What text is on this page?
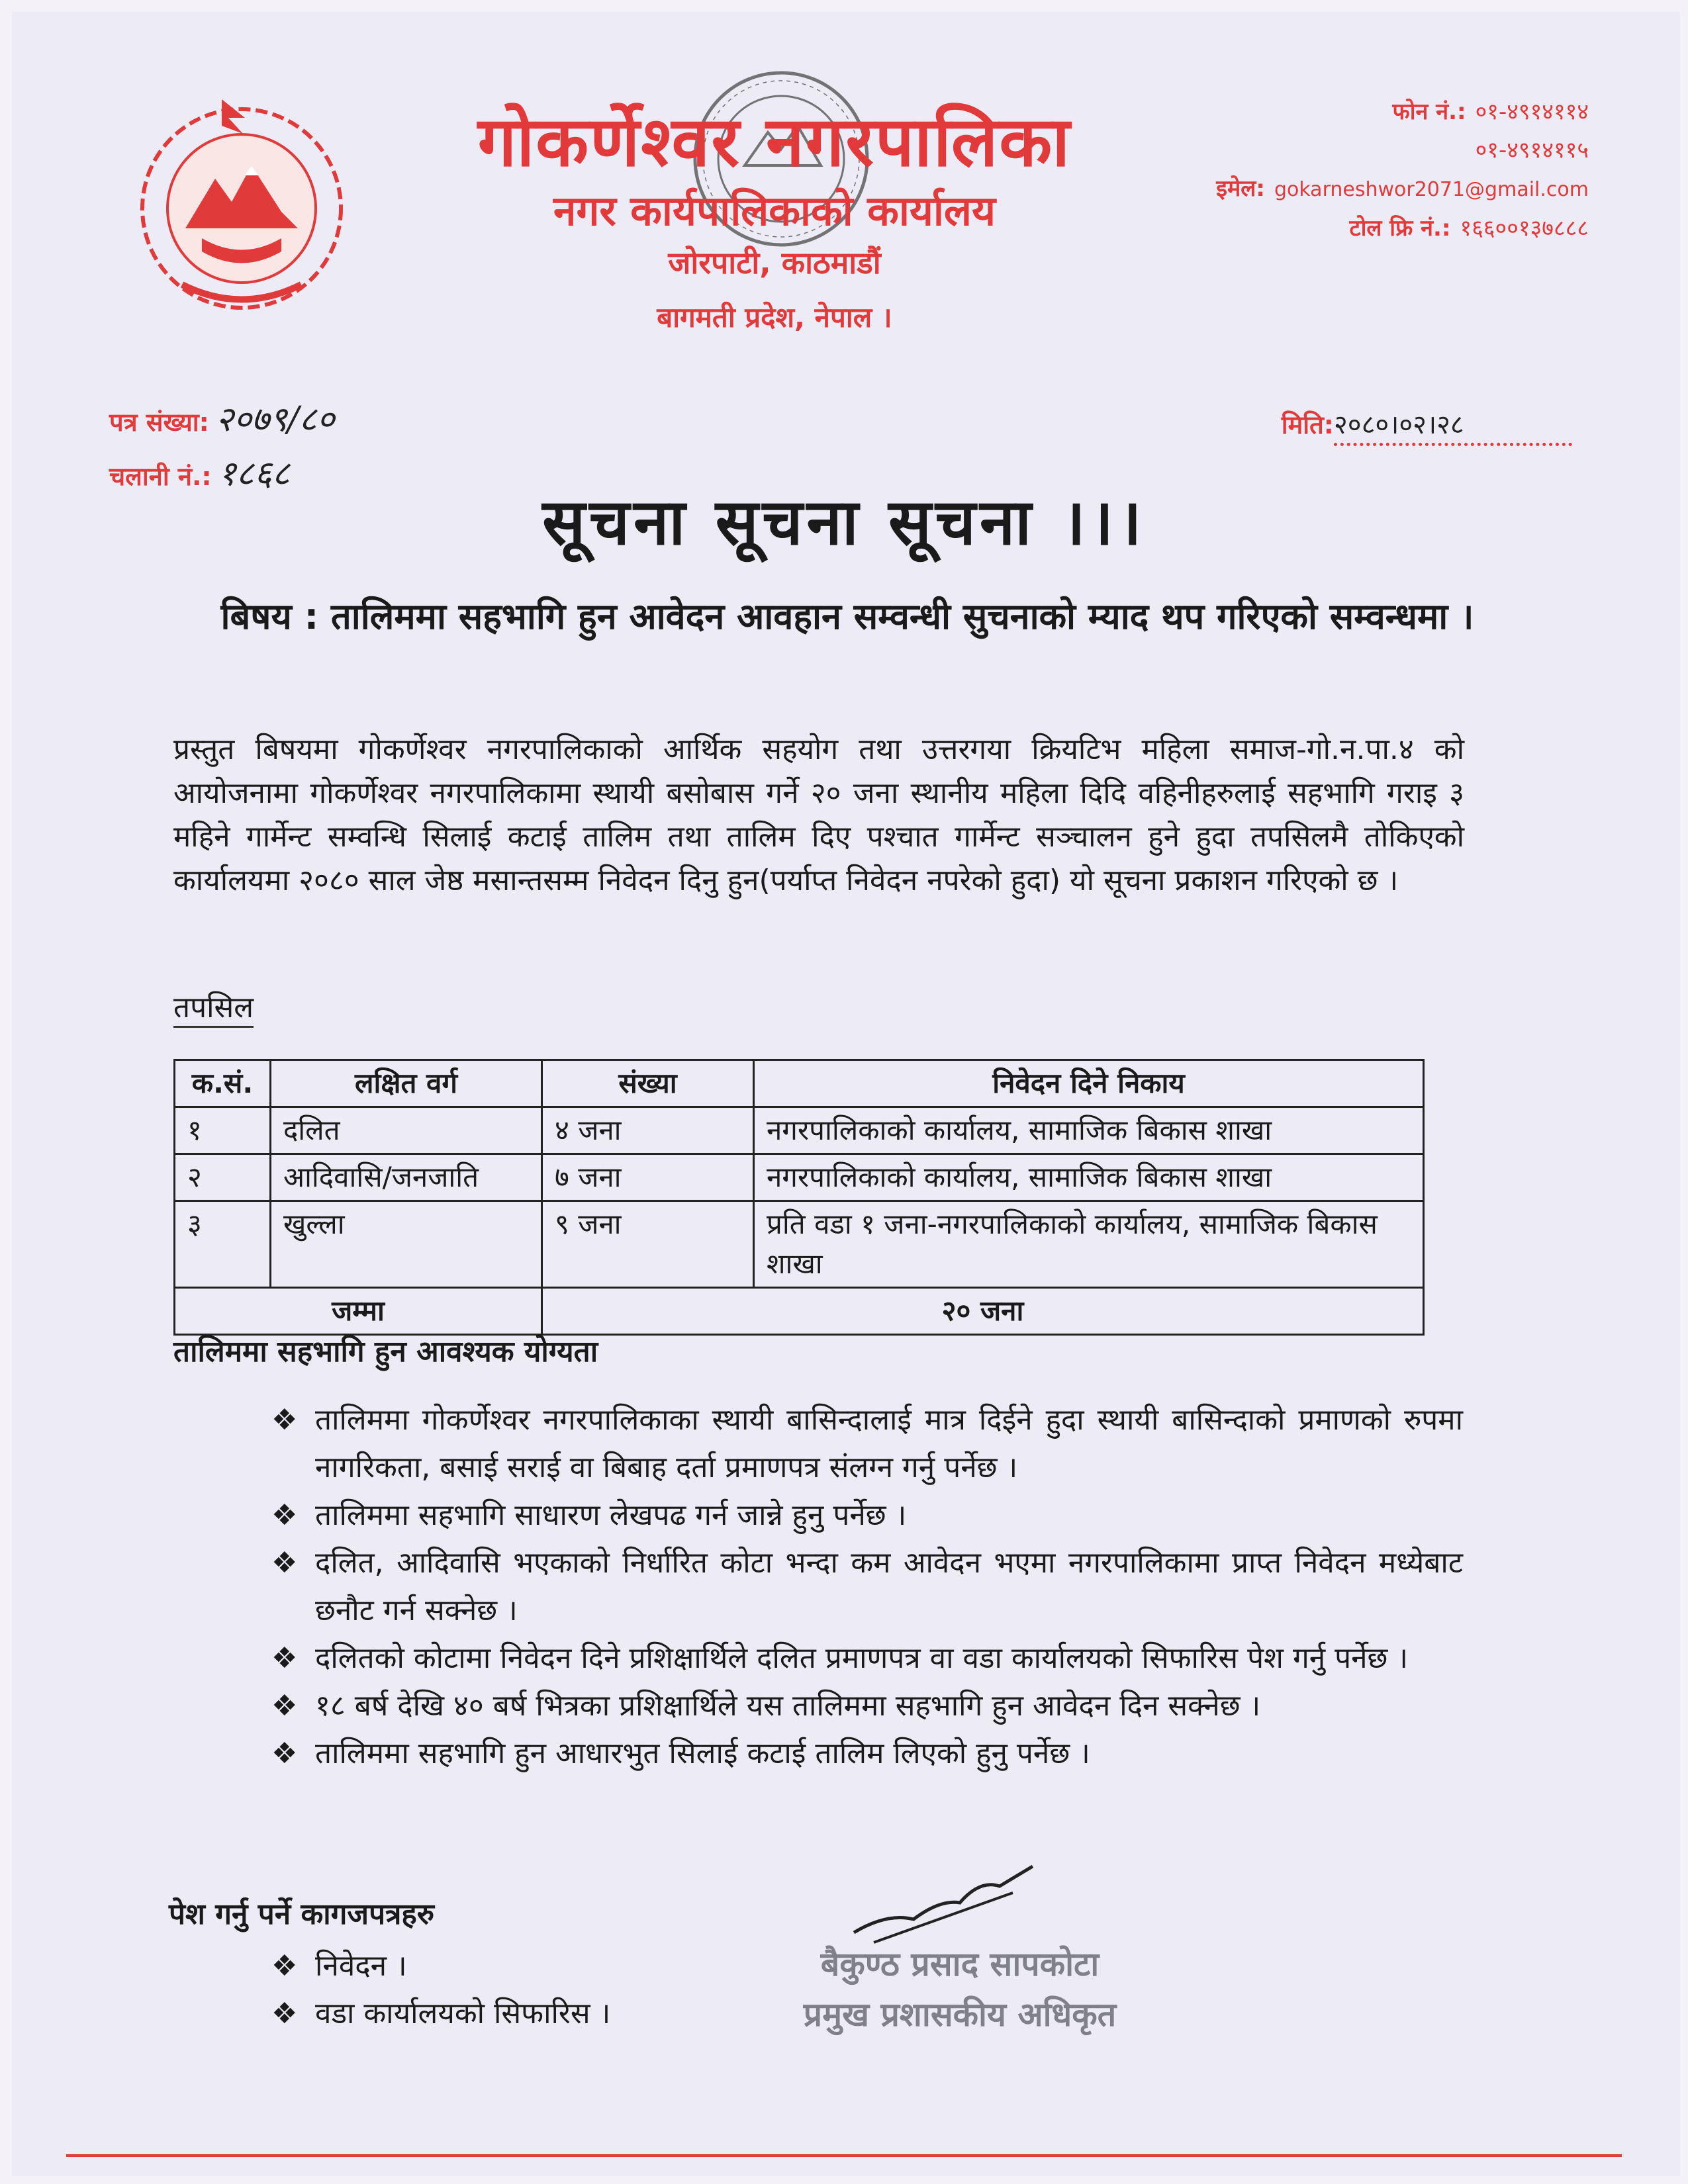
गोकर्णेश्वर नगरपालिका
नगर कार्यपालिकाको कार्यालय
जोरपाटी, काठमाडौं
बागमती प्रदेश, नेपाल ।
फोन नं.: ०१-४९१४११४
०१-४९१४११५
इमेल: gokarneshwor2071@gmail.com
टोल फ्रि नं.: १६६००१३७८८८
पत्र संख्या: २०७९/८०
चलानी नं.: १८६८
मिति:२०८०।०२।२८
सूचना सूचना सूचना ।।।
बिषय : तालिममा सहभागि हुन आवेदन आवहान सम्वन्धी सुचनाको म्याद थप गरिएको सम्वन्धमा ।
प्रस्तुत बिषयमा गोकर्णेश्वर नगरपालिकाको आर्थिक सहयोग तथा उत्तरगया क्रियटिभ महिला समाज-गो.न.पा.४ को आयोजनामा गोकर्णेश्वर नगरपालिकामा स्थायी बसोबास गर्ने २० जना स्थानीय महिला दिदि वहिनीहरुलाई सहभागि गराइ ३ महिने गार्मेन्ट सम्वन्धि सिलाई कटाई तालिम तथा तालिम दिए पश्चात गार्मेन्ट सञ्चालन हुने हुदा तपसिलमै तोकिएको कार्यालयमा २०८० साल जेष्ठ मसान्तसम्म निवेदन दिनु हुन(पर्याप्त निवेदन नपरेको हुदा) यो सूचना प्रकाशन गरिएको छ ।
तपसिल
क.सं.	लक्षित वर्ग	संख्या	निवेदन दिने निकाय
१	दलित	४ जना	नगरपालिकाको कार्यालय, सामाजिक बिकास शाखा
२	आदिवासि/जनजाति	७ जना	नगरपालिकाको कार्यालय, सामाजिक बिकास शाखा
३	खुल्ला	९ जना	प्रति वडा १ जना-नगरपालिकाको कार्यालय, सामाजिक बिकास शाखा
जम्मा		२० जना	
तालिममा सहभागि हुन आवश्यक योग्यता
❖ तालिममा गोकर्णेश्वर नगरपालिकाका स्थायी बासिन्दालाई मात्र दिईने हुदा स्थायी बासिन्दाको प्रमाणको रुपमा नागरिकता, बसाई सराई वा बिबाह दर्ता प्रमाणपत्र संलग्न गर्नु पर्नेछ ।
❖ तालिममा सहभागि साधारण लेखपढ गर्न जान्ने हुनु पर्नेछ ।
❖ दलित, आदिवासि भएकाको निर्धारित कोटा भन्दा कम आवेदन भएमा नगरपालिकामा प्राप्त निवेदन मध्येबाट छनौट गर्न सक्नेछ ।
❖ दलितको कोटामा निवेदन दिने प्रशिक्षार्थिले दलित प्रमाणपत्र वा वडा कार्यालयको सिफारिस पेश गर्नु पर्नेछ ।
❖ १८ बर्ष देखि ४० बर्ष भित्रका प्रशिक्षार्थिले यस तालिममा सहभागि हुन आवेदन दिन सक्नेछ ।
❖ तालिममा सहभागि हुन आधारभुत सिलाई कटाई तालिम लिएको हुनु पर्नेछ ।
पेश गर्नु पर्ने कागजपत्रहरु
❖ निवेदन ।
❖ वडा कार्यालयको सिफारिस ।
बैकुण्ठ प्रसाद सापकोटा
प्रमुख प्रशासकीय अधिकृत
